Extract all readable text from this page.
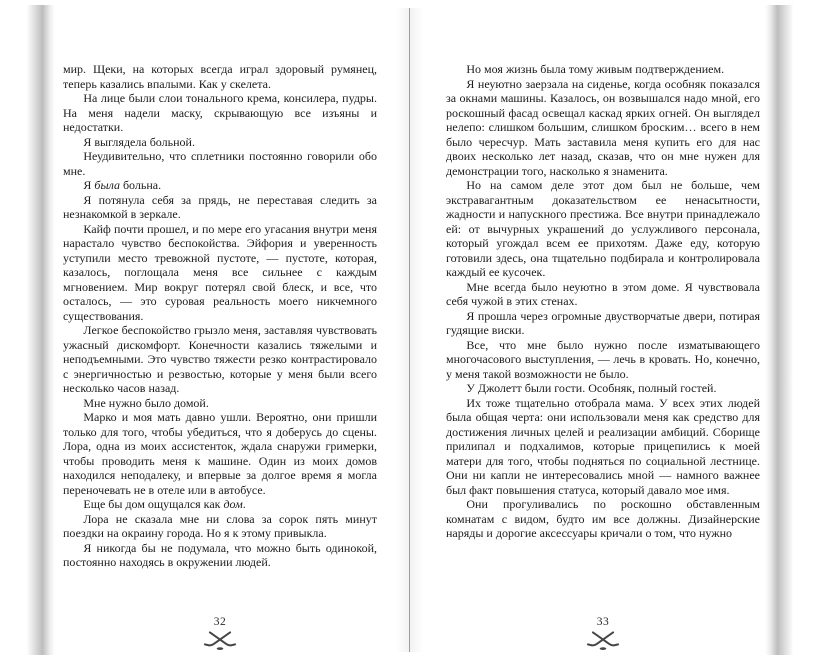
мир. Щеки, на которых всегда играл здоровый румянец, теперь казались впалыми. Как у скелета.

На лице были слои тонального крема, консилера, пудры. На меня надели маску, скрывающую все изъяны и недостатки.

Я выглядела больной.

Неудивительно, что сплетники постоянно говорили обо мне.

Я была больна.

Я потянула себя за прядь, не переставая следить за незнакомкой в зеркале.

Кайф почти прошел, и по мере его угасания внутри меня нарастало чувство беспокойства. Эйфория и уверенность уступили место тревожной пустоте, — пустоте, которая, казалось, поглощала меня все сильнее с каждым мгновением. Мир вокруг потерял свой блеск, и все, что осталось, — это суровая реальность моего никчемного существования.

Легкое беспокойство грызло меня, заставляя чувствовать ужасный дискомфорт. Конечности казались тяжелыми и неподъемными. Это чувство тяжести резко контрастировало с энергичностью и резвостью, которые у меня были всего несколько часов назад.

Мне нужно было домой.

Марко и моя мать давно ушли. Вероятно, они пришли только для того, чтобы убедиться, что я доберусь до сцены. Лора, одна из моих ассистенток, ждала снаружи гримерки, чтобы проводить меня к машине. Один из моих домов находился неподалеку, и впервые за долгое время я могла переночевать не в отеле или в автобусе.

Еще бы дом ощущался как дом.

Лора не сказала мне ни слова за сорок пять минут поездки на окраину города. Но я к этому привыкла.

Я никогда бы не подумала, что можно быть одинокой, постоянно находясь в окружении людей.

Но моя жизнь была тому живым подтверждением.

Я неуютно заерзала на сиденье, когда особняк показался за окнами машины. Казалось, он возвышался надо мной, его роскошный фасад освещал каскад ярких огней. Он выглядел нелепо: слишком большим, слишком броским… всего в нем было чересчур. Мать заставила меня купить его для нас двоих несколько лет назад, сказав, что он мне нужен для демонстрации того, насколько я знаменита.

Но на самом деле этот дом был не больше, чем экстравагантным доказательством ее ненасытности, жадности и напускного престижа. Все внутри принадлежало ей: от вычурных украшений до услужливого персонала, который угождал всем ее прихотям. Даже еду, которую готовили здесь, она тщательно подбирала и контролировала каждый ее кусочек.

Мне всегда было неуютно в этом доме. Я чувствовала себя чужой в этих стенах.

Я прошла через огромные двустворчатые двери, потирая гудящие виски.

Все, что мне было нужно после изматывающего многочасового выступления, — лечь в кровать. Но, конечно, у меня такой возможности не было.

У Джолетт были гости. Особняк, полный гостей.

Их тоже тщательно отобрала мама. У всех этих людей была общая черта: они использовали меня как средство для достижения личных целей и реализации амбиций. Сборище прилипал и подхалимов, которые прицепились к моей матери для того, чтобы подняться по социальной лестнице. Они ни капли не интересовались мной — намного важнее был факт повышения статуса, который давало мое имя.

Они прогуливались по роскошно обставленным комнатам с видом, будто им все должны. Дизайнерские наряды и дорогие аксессуары кричали о том, что нужно

32	33
